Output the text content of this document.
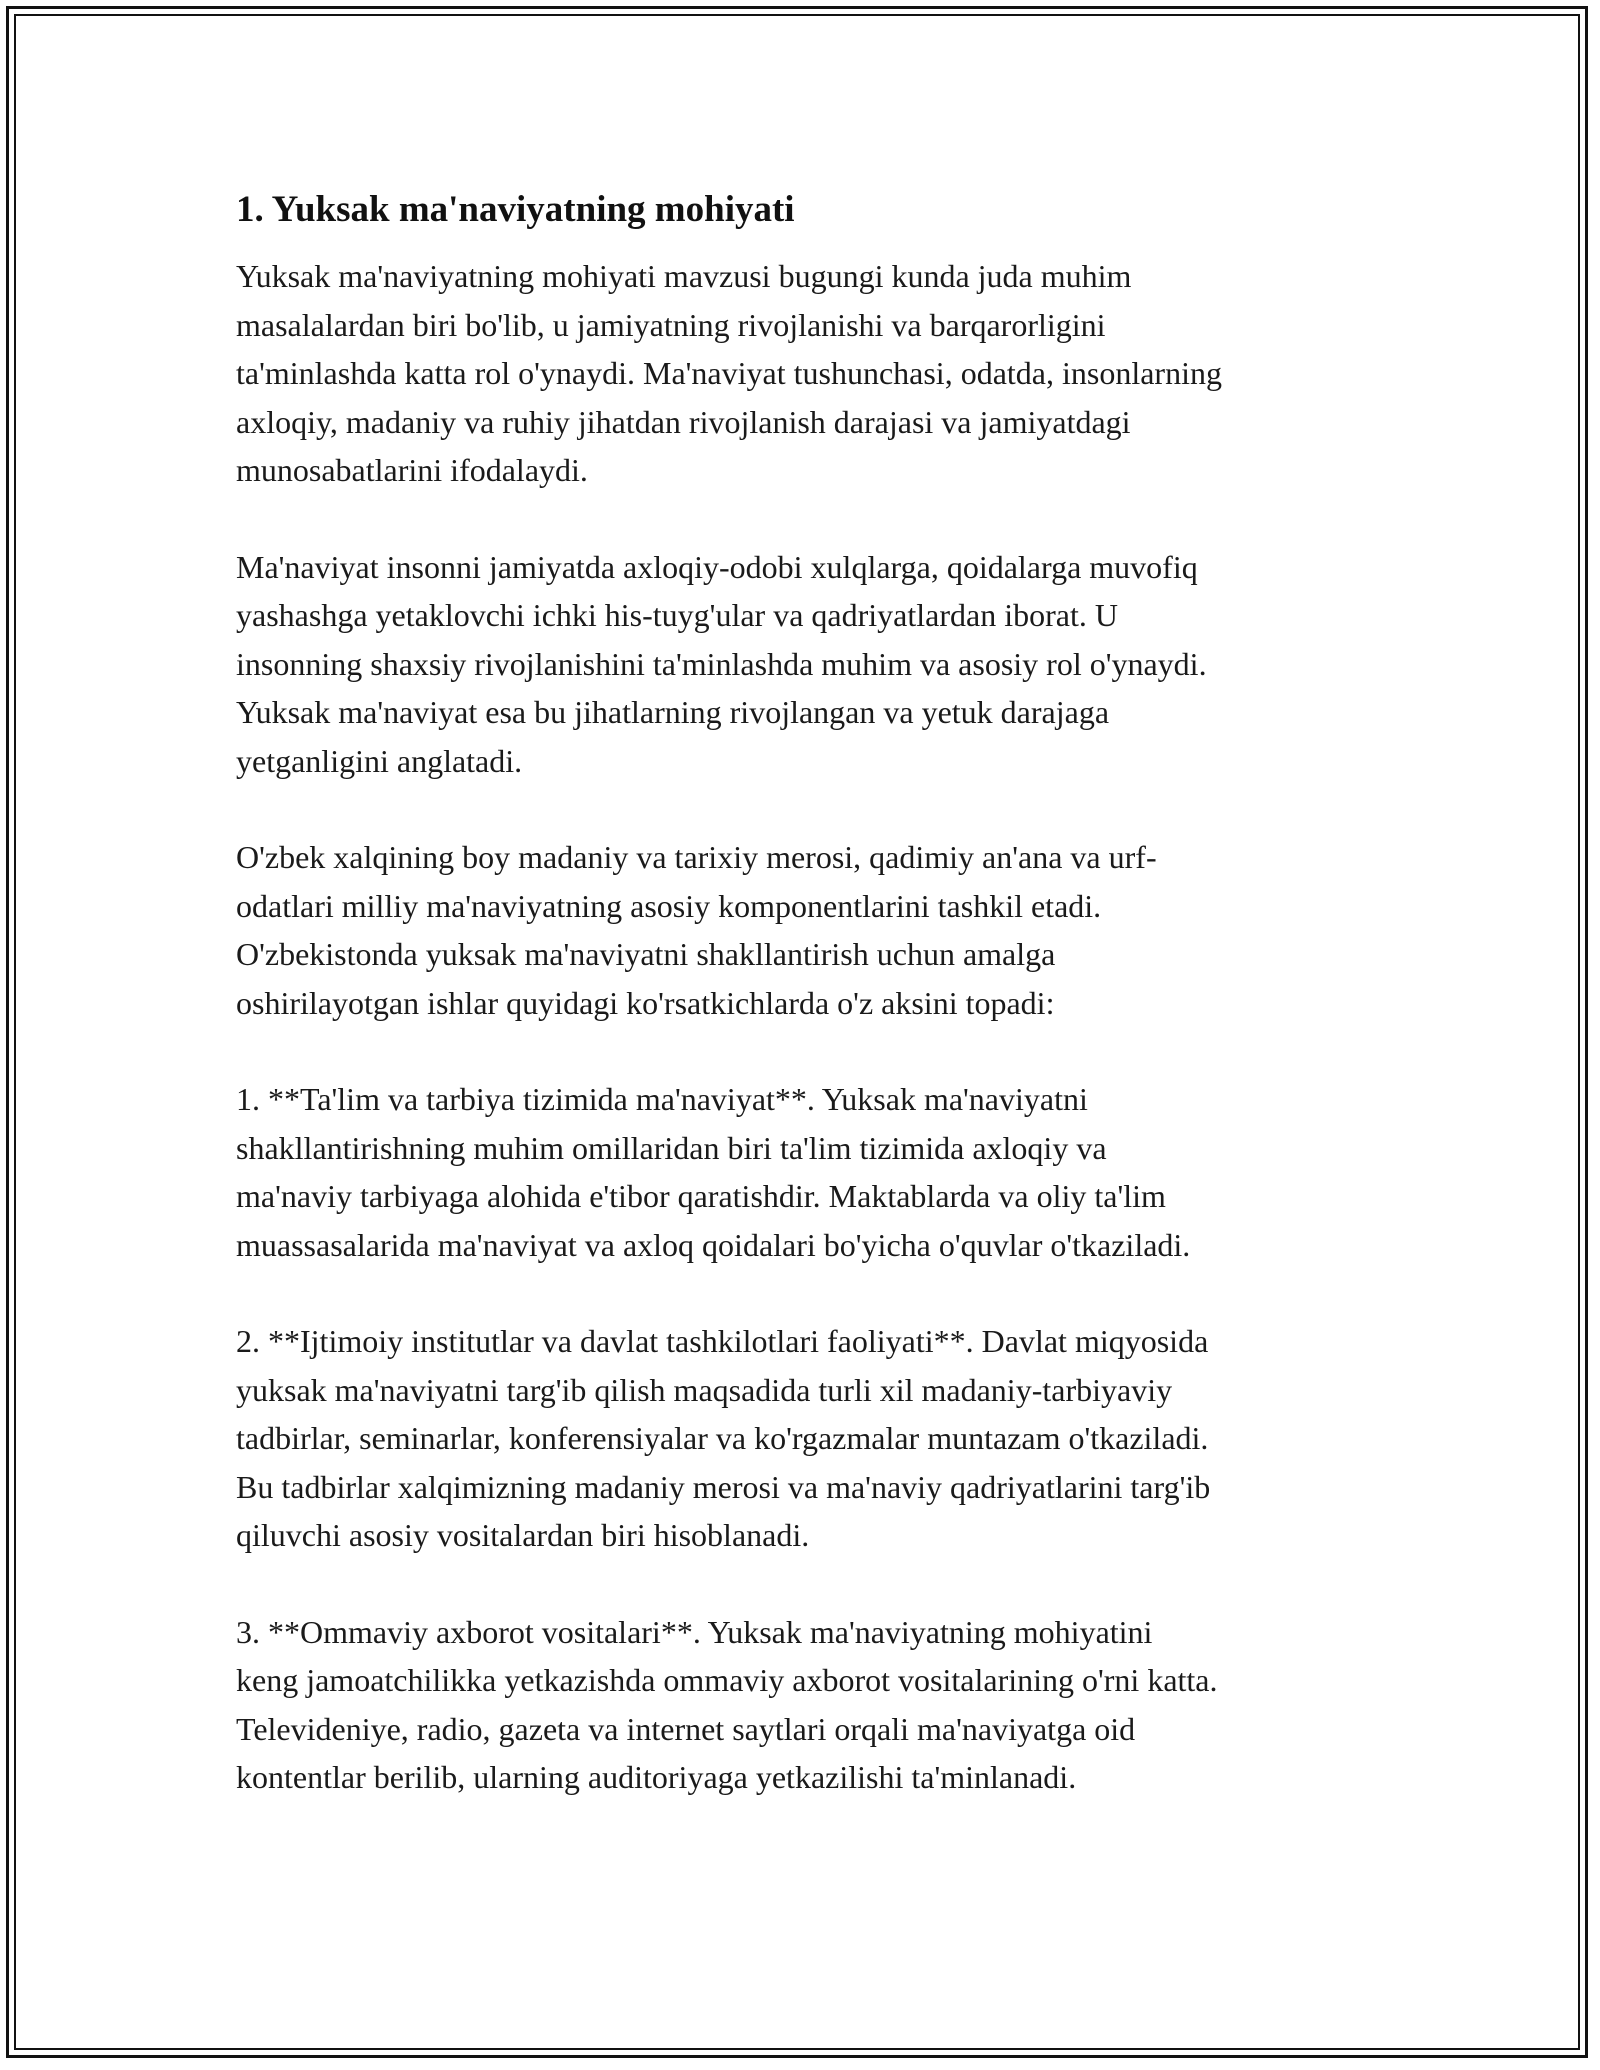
1. Yuksak ma'naviyatning mohiyati
Yuksak ma'naviyatning mohiyati mavzusi bugungi kunda juda muhim
masalalardan biri bo'lib, u jamiyatning rivojlanishi va barqarorligini
ta'minlashda katta rol o'ynaydi. Ma'naviyat tushunchasi, odatda, insonlarning
axloqiy, madaniy va ruhiy jihatdan rivojlanish darajasi va jamiyatdagi
munosabatlarini ifodalaydi.
Ma'naviyat insonni jamiyatda axloqiy-odobi xulqlarga, qoidalarga muvofiq
yashashga yetaklovchi ichki his-tuyg'ular va qadriyatlardan iborat. U
insonning shaxsiy rivojlanishini ta'minlashda muhim va asosiy rol o'ynaydi.
Yuksak ma'naviyat esa bu jihatlarning rivojlangan va yetuk darajaga
yetganligini anglatadi.
O'zbek xalqining boy madaniy va tarixiy merosi, qadimiy an'ana va urf-
odatlari milliy ma'naviyatning asosiy komponentlarini tashkil etadi.
O'zbekistonda yuksak ma'naviyatni shakllantirish uchun amalga
oshirilayotgan ishlar quyidagi ko'rsatkichlarda o'z aksini topadi:
1. **Ta'lim va tarbiya tizimida ma'naviyat**. Yuksak ma'naviyatni
shakllantirishning muhim omillaridan biri ta'lim tizimida axloqiy va
ma'naviy tarbiyaga alohida e'tibor qaratishdir. Maktablarda va oliy ta'lim
muassasalarida ma'naviyat va axloq qoidalari bo'yicha o'quvlar o'tkaziladi.
2. **Ijtimoiy institutlar va davlat tashkilotlari faoliyati**. Davlat miqyosida
yuksak ma'naviyatni targ'ib qilish maqsadida turli xil madaniy-tarbiyaviy
tadbirlar, seminarlar, konferensiyalar va ko'rgazmalar muntazam o'tkaziladi.
Bu tadbirlar xalqimizning madaniy merosi va ma'naviy qadriyatlarini targ'ib
qiluvchi asosiy vositalardan biri hisoblanadi.
3. **Ommaviy axborot vositalari**. Yuksak ma'naviyatning mohiyatini
keng jamoatchilikka yetkazishda ommaviy axborot vositalarining o'rni katta.
Televideniye, radio, gazeta va internet saytlari orqali ma'naviyatga oid
kontentlar berilib, ularning auditoriyaga yetkazilishi ta'minlanadi.
